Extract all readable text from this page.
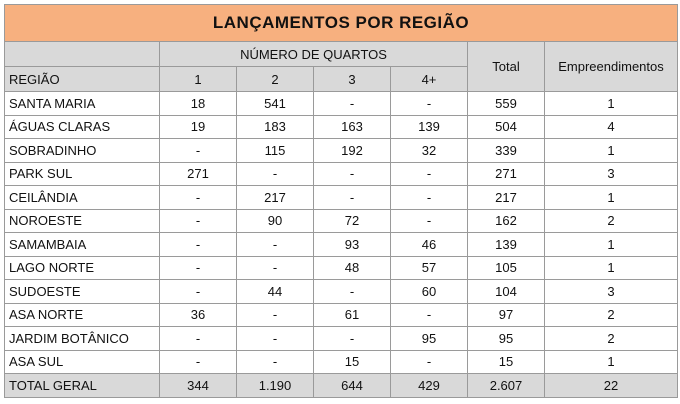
LANÇAMENTOS POR REGIÃO						
	NÚMERO DE QUARTOS				Total	Empreendimentos
REGIÃO	1	2	3	4+		
SANTA MARIA	18	541	-	-	559	1
ÁGUAS CLARAS	19	183	163	139	504	4
SOBRADINHO	-	115	192	32	339	1
PARK SUL	271	-	-	-	271	3
CEILÂNDIA	-	217	-	-	217	1
NOROESTE	-	90	72	-	162	2
SAMAMBAIA	-	-	93	46	139	1
LAGO NORTE	-	-	48	57	105	1
SUDOESTE	-	44	-	60	104	3
ASA NORTE	36	-	61	-	97	2
JARDIM BOTÂNICO	-	-	-	95	95	2
ASA SUL	-	-	15	-	15	1
TOTAL GERAL	344	1.190	644	429	2.607	22
